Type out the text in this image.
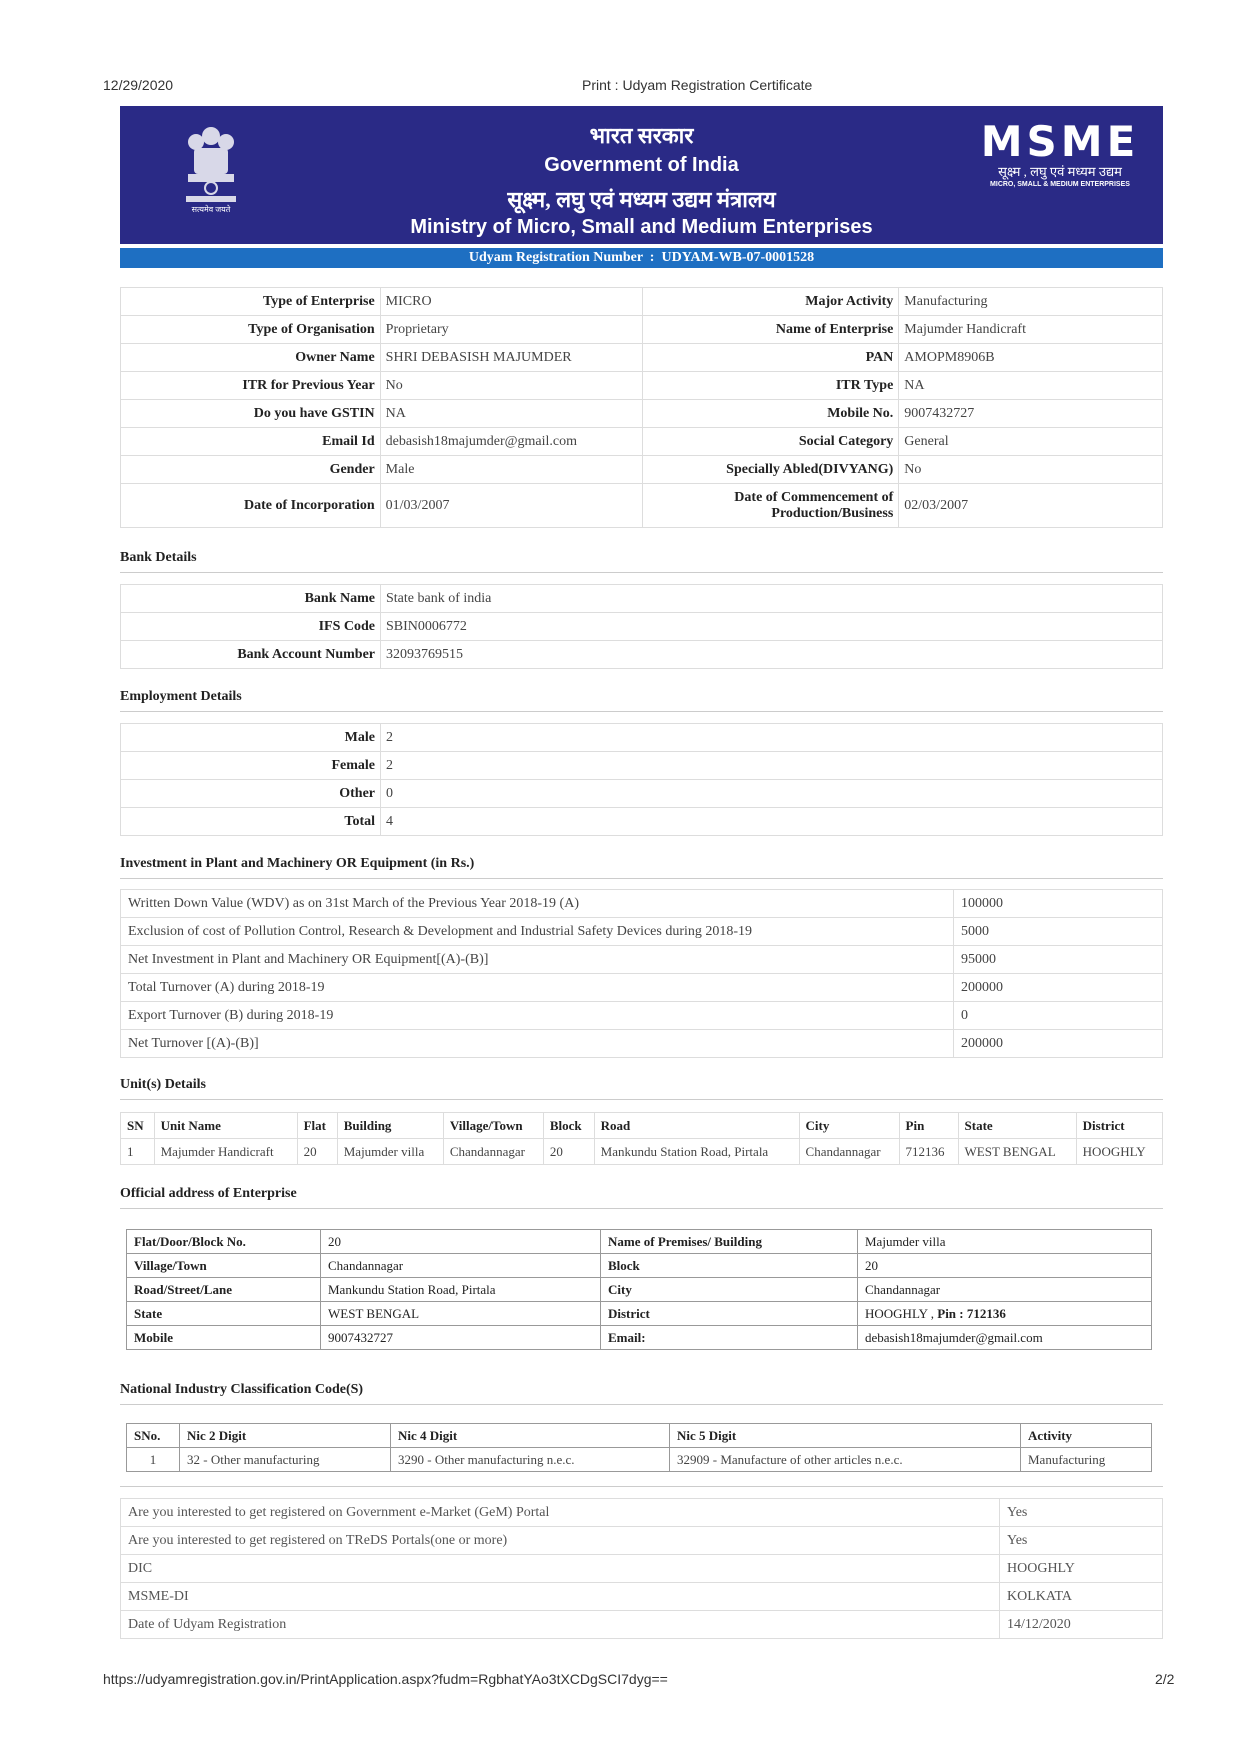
12/29/2020	Print : Udyam Registration Certificate
सत्यमेव जयते
भारत सरकार
Government of India
सूक्ष्म, लघु एवं मध्यम उद्यम मंत्रालय
Ministry of Micro, Small and Medium Enterprises
MSME
सूक्ष्म , लघु एवं मध्यम उद्यम
MICRO, SMALL & MEDIUM ENTERPRISES
Udyam Registration Number : UDYAM-WB-07-0001528
Type of Enterprise	MICRO	Major Activity	Manufacturing
Type of Organisation	Proprietary	Name of Enterprise	Majumder Handicraft
Owner Name	SHRI DEBASISH MAJUMDER	PAN	AMOPM8906B
ITR for Previous Year	No	ITR Type	NA
Do you have GSTIN	NA	Mobile No.	9007432727
Email Id	debasish18majumder@gmail.com	Social Category	General
Gender	Male	Specially Abled(DIVYANG)	No
Date of Incorporation	01/03/2007	Date of Commencement of Production/Business	02/03/2007
Bank Details
Bank Name	State bank of india
IFS Code	SBIN0006772
Bank Account Number	32093769515
Employment Details
Male	2
Female	2
Other	0
Total	4
Investment in Plant and Machinery OR Equipment (in Rs.)
Written Down Value (WDV) as on 31st March of the Previous Year 2018-19 (A)	100000
Exclusion of cost of Pollution Control, Research & Development and Industrial Safety Devices during 2018-19	5000
Net Investment in Plant and Machinery OR Equipment[(A)-(B)]	95000
Total Turnover (A) during 2018-19	200000
Export Turnover (B) during 2018-19	0
Net Turnover [(A)-(B)]	200000
Unit(s) Details
SN	Unit Name	Flat	Building	Village/Town	Block	Road	City	Pin	State	District
1	Majumder Handicraft	20	Majumder villa	Chandannagar	20	Mankundu Station Road, Pirtala	Chandannagar	712136	WEST BENGAL	HOOGHLY
Official address of Enterprise
Flat/Door/Block No.	20	Name of Premises/ Building	Majumder villa
Village/Town	Chandannagar	Block	20
Road/Street/Lane	Mankundu Station Road, Pirtala	City	Chandannagar
State	WEST BENGAL	District	HOOGHLY , Pin : 712136
Mobile	9007432727	Email:	debasish18majumder@gmail.com
National Industry Classification Code(S)
SNo.	Nic 2 Digit	Nic 4 Digit	Nic 5 Digit	Activity
1	32 - Other manufacturing	3290 - Other manufacturing n.e.c.	32909 - Manufacture of other articles n.e.c.	Manufacturing
Are you interested to get registered on Government e-Market (GeM) Portal	Yes
Are you interested to get registered on TReDS Portals(one or more)	Yes
DIC	HOOGHLY
MSME-DI	KOLKATA
Date of Udyam Registration	14/12/2020
https://udyamregistration.gov.in/PrintApplication.aspx?fudm=RgbhatYAo3tXCDgSCI7dyg==	2/2
